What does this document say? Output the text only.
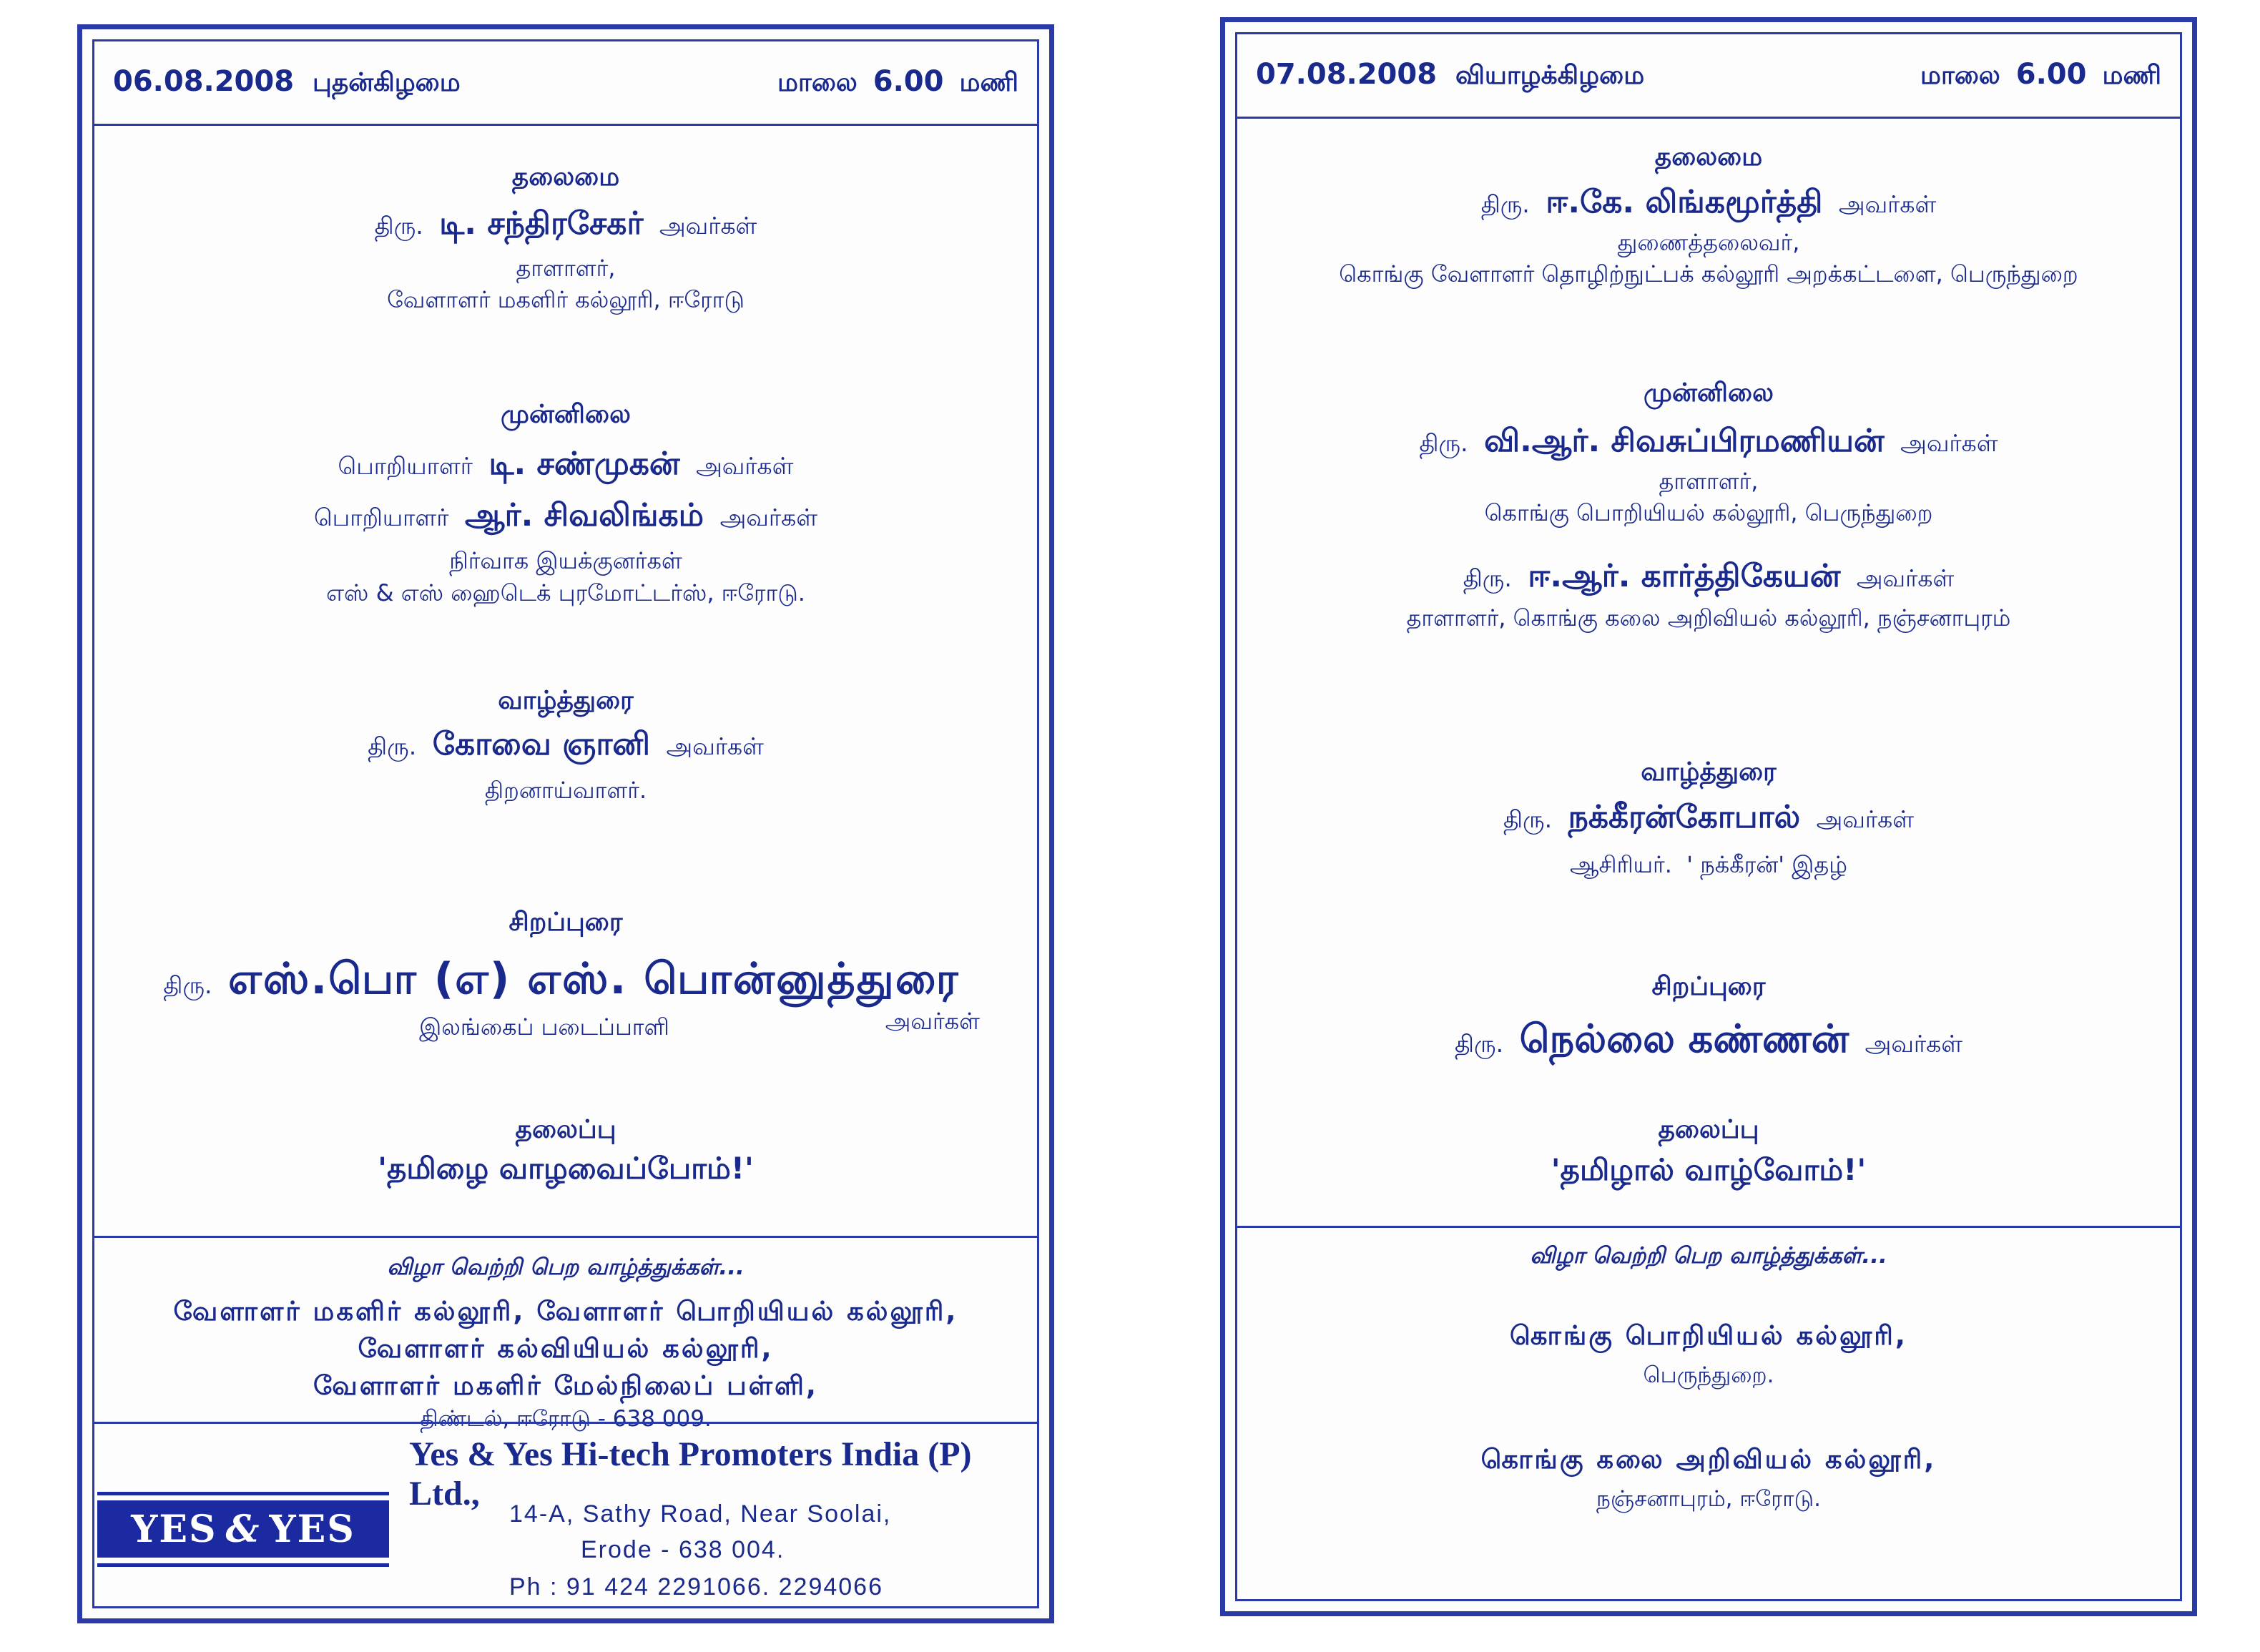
06.08.2008 புதன்கிழமை	மாலை 6.00 மணி

தலைமை

திரு. டி. சந்திரசேகர் அவர்கள்

தாளாளர்,

வேளாளர் மகளிர் கல்லூரி, ஈரோடு

முன்னிலை

பொறியாளர் டி. சண்முகன் அவர்கள்

பொறியாளர் ஆர். சிவலிங்கம் அவர்கள்

நிர்வாக இயக்குனர்கள்

எஸ் & எஸ் ஹைடெக் புரமோட்டர்ஸ், ஈரோடு.

வாழ்த்துரை

திரு. கோவை ஞானி அவர்கள்

திறனாய்வாளர்.

சிறப்புரை

திரு. எஸ்.பொ (எ) எஸ். பொன்னுத்துரை

இலங்கைப் படைப்பாளி	அவர்கள்

தலைப்பு

'தமிழை வாழவைப்போம்!'

விழா வெற்றி பெற வாழ்த்துக்கள்...

வேளாளர் மகளிர் கல்லூரி, வேளாளர் பொறியியல் கல்லூரி,

வேளாளர் கல்வியியல் கல்லூரி,

வேளாளர் மகளிர் மேல்நிலைப் பள்ளி,

திண்டல், ஈரோடு - 638 009.

YES & YES
Yes & Yes Hi-tech Promoters India (P) Ltd.,
14-A, Sathy Road, Near Soolai,
Erode - 638 004.
Ph : 91 424 2291066. 2294066
07.08.2008 வியாழக்கிழமை	மாலை 6.00 மணி

தலைமை

திரு. ஈ.கே. லிங்கமூர்த்தி அவர்கள்

துணைத்தலைவர்,

கொங்கு வேளாளர் தொழிற்நுட்பக் கல்லூரி அறக்கட்டளை, பெருந்துறை

முன்னிலை

திரு. வி.ஆர். சிவசுப்பிரமணியன் அவர்கள்

தாளாளர்,

கொங்கு பொறியியல் கல்லூரி, பெருந்துறை

திரு. ஈ.ஆர். கார்த்திகேயன் அவர்கள்

தாளாளர், கொங்கு கலை அறிவியல் கல்லூரி, நஞ்சனாபுரம்

வாழ்த்துரை

திரு. நக்கீரன்கோபால் அவர்கள்

ஆசிரியர்.  ' நக்கீரன்' இதழ்

சிறப்புரை

திரு. நெல்லை கண்ணன் அவர்கள்

தலைப்பு

'தமிழால் வாழ்வோம்!'

விழா வெற்றி பெற வாழ்த்துக்கள்...

கொங்கு பொறியியல் கல்லூரி,

பெருந்துறை.

கொங்கு கலை அறிவியல் கல்லூரி,

நஞ்சனாபுரம், ஈரோடு.
